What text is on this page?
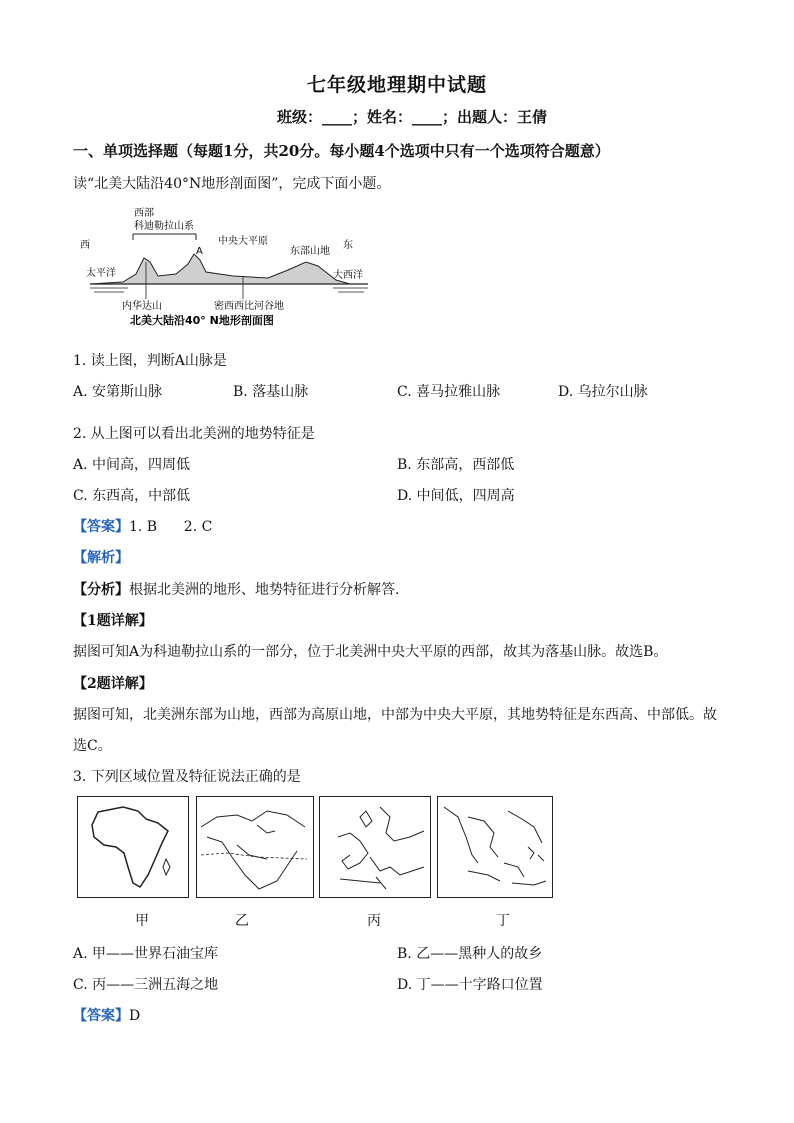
七年级地理期中试题
班级：____；姓名：____；出题人：王倩
一、单项选择题（每题1分，共20分。每小题4个选项中只有一个选项符合题意）
读“北美大陆沿40°N地形剖面图”，完成下面小题。
西部
科迪勒拉山系
A
中央大平原
东部山地
西	东
太平洋	大西洋
内华达山	密西西比河谷地
北美大陆沿40° N地形剖面图
1. 读上图，判断A山脉是
A. 安第斯山脉	B. 落基山脉	C. 喜马拉雅山脉	D. 乌拉尔山脉
2. 从上图可以看出北美洲的地势特征是
A. 中间高，四周低	B. 东部高，西部低
C. 东西高，中部低	D. 中间低，四周高
【答案】1. B      2. C
【解析】
【分析】根据北美洲的地形、地势特征进行分析解答.
【1题详解】
据图可知A为科迪勒拉山系的一部分，位于北美洲中央大平原的西部，故其为落基山脉。故选B。
【2题详解】
据图可知，北美洲东部为山地，西部为高原山地，中部为中央大平原，其地势特征是东西高、中部低。故
选C。
3. 下列区域位置及特征说法正确的是
甲	乙	丙	丁
A. 甲——世界石油宝库	B. 乙——黑种人的故乡
C. 丙——三洲五海之地	D. 丁——十字路口位置
【答案】D
